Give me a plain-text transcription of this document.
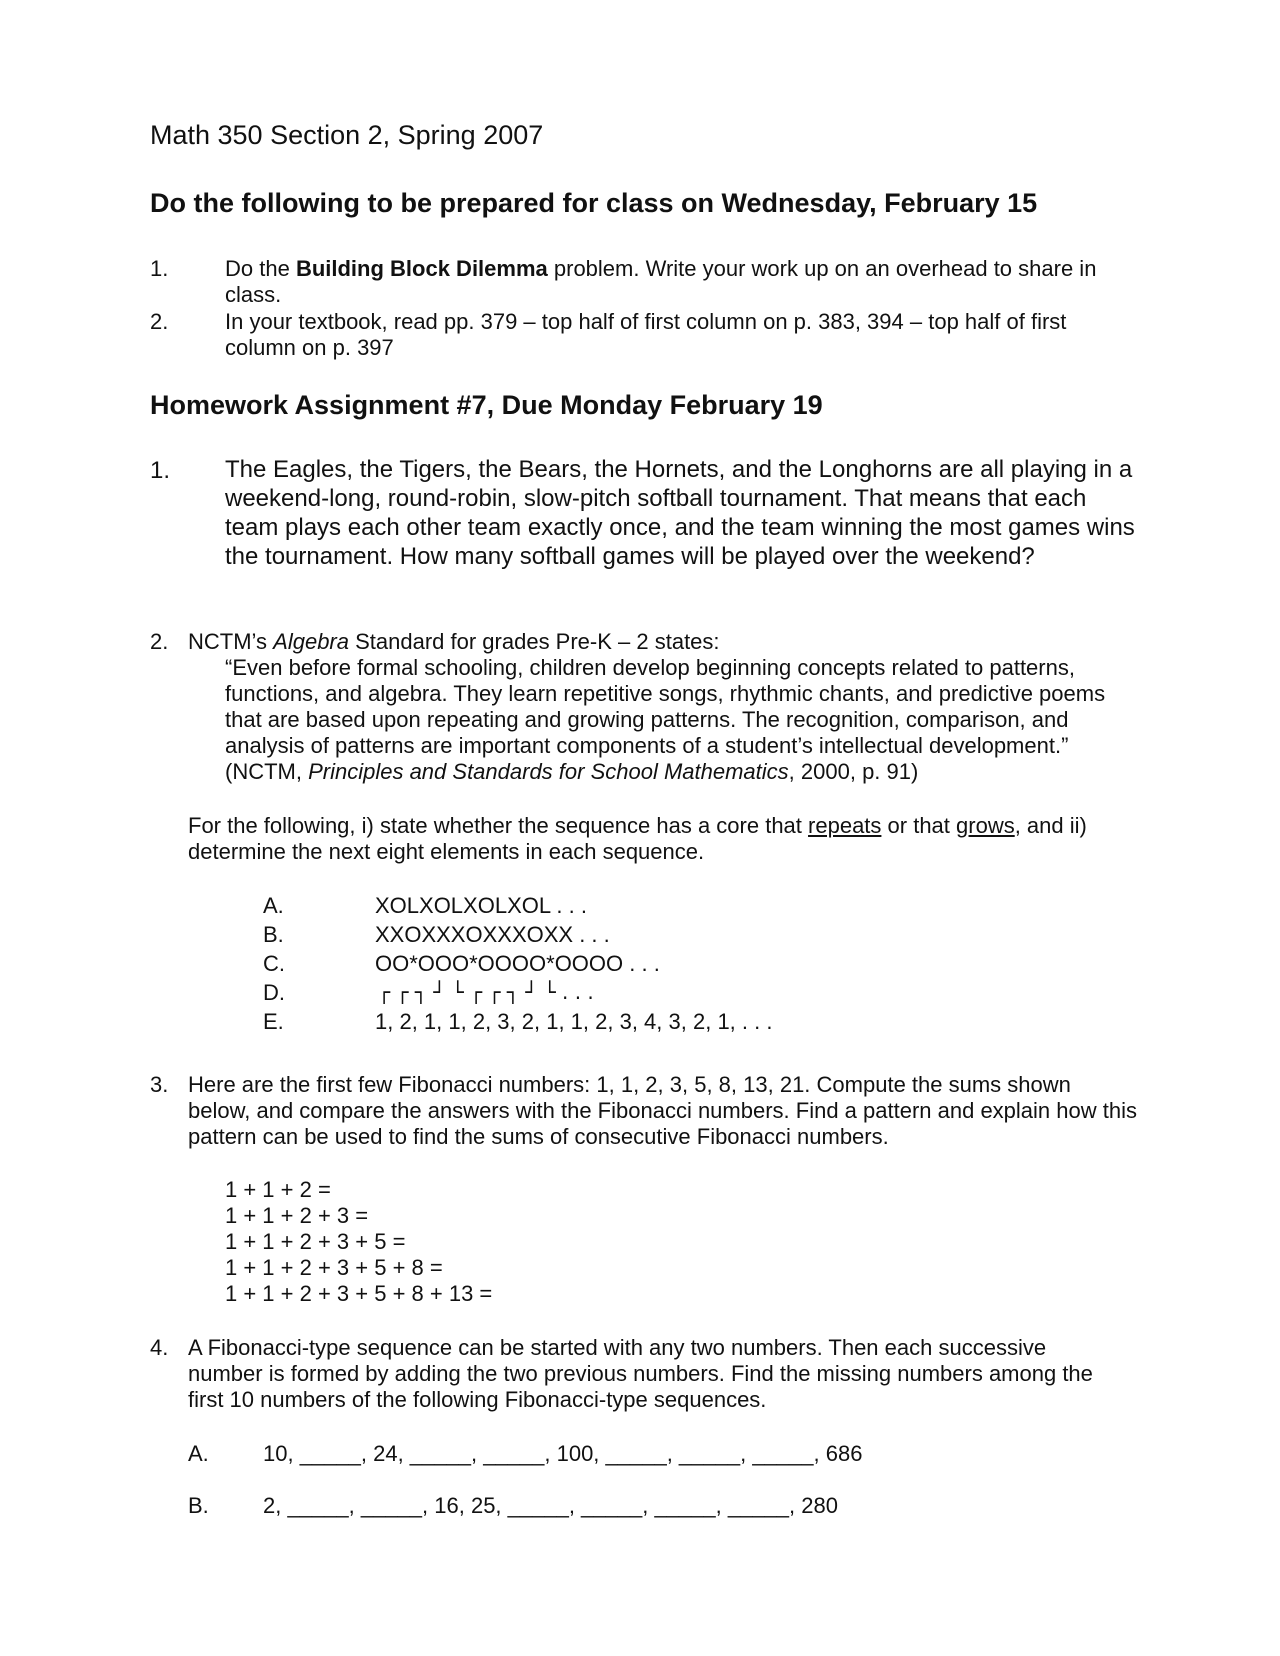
Math 350 Section 2, Spring 2007
Do the following to be prepared for class on Wednesday, February 15
1.	Do the Building Block Dilemma problem. Write your work up on an overhead to share in class.
2.	In your textbook, read pp. 379 – top half of first column on p. 383, 394 – top half of first column on p. 397
Homework Assignment #7, Due Monday February 19
1. The Eagles, the Tigers, the Bears, the Hornets, and the Longhorns are all playing in a weekend-long, round-robin, slow-pitch softball tournament. That means that each team plays each other team exactly once, and the team winning the most games wins the tournament. How many softball games will be played over the weekend?
2. NCTM’s Algebra Standard for grades Pre-K – 2 states:
“Even before formal schooling, children develop beginning concepts related to patterns, functions, and algebra. They learn repetitive songs, rhythmic chants, and predictive poems that are based upon repeating and growing patterns. The recognition, comparison, and analysis of patterns are important components of a student’s intellectual development.” (NCTM, Principles and Standards for School Mathematics, 2000, p. 91)
For the following, i) state whether the sequence has a core that repeats or that grows, and ii) determine the next eight elements in each sequence.
A.	XOLXOLXOLXOL . . .
B.	XXOXXXOXXXOXX . . .
C.	OO*OOO*OOOO*OOOO . . .
D.	┌ ┌ ┐ ┘ └ ┌ ┌ ┐ ┘ └ . . .
E.	1, 2, 1, 1, 2, 3, 2, 1, 1, 2, 3, 4, 3, 2, 1, . . .
3. Here are the first few Fibonacci numbers: 1, 1, 2, 3, 5, 8, 13, 21. Compute the sums shown below, and compare the answers with the Fibonacci numbers. Find a pattern and explain how this pattern can be used to find the sums of consecutive Fibonacci numbers.
1 + 1 + 2 =
1 + 1 + 2 + 3 =
1 + 1 + 2 + 3 + 5 =
1 + 1 + 2 + 3 + 5 + 8 =
1 + 1 + 2 + 3 + 5 + 8 + 13 =
4. A Fibonacci-type sequence can be started with any two numbers. Then each successive number is formed by adding the two previous numbers. Find the missing numbers among the first 10 numbers of the following Fibonacci-type sequences.
A. 10, _____, 24, _____, _____, 100, _____, _____, _____, 686
B. 2, _____, _____, 16, 25, _____, _____, _____, _____, 280
